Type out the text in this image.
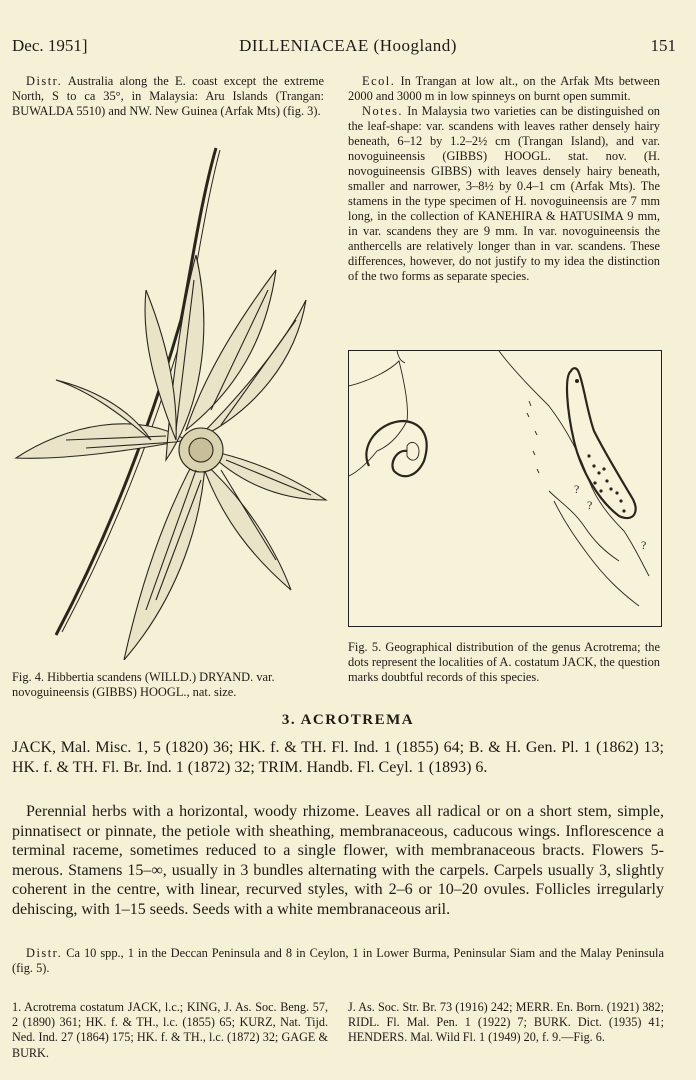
Dec. 1951]	DILLENIACEAE (Hoogland)	151

Distr. Australia along the E. coast except the extreme North, S to ca 35°, in Malaysia: Aru Islands (Trangan: BUWALDA 5510) and NW. New Guinea (Arfak Mts) (fig. 3).

Ecol. In Trangan at low alt., on the Arfak Mts between 2000 and 3000 m in low spinneys on burnt open summit.

Notes. In Malaysia two varieties can be distinguished on the leaf-shape: var. scandens with leaves rather densely hairy beneath, 6–12 by 1.2–2½ cm (Trangan Island), and var. novoguineensis (GIBBS) HOOGL. stat. nov. (H. novoguineensis GIBBS) with leaves densely hairy beneath, smaller and narrower, 3–8½ by 0.4–1 cm (Arfak Mts). The stamens in the type specimen of H. novoguineensis are 7 mm long, in the collection of KANEHIRA & HATUSIMA 9 mm, in var. scandens they are 9 mm. In var. novoguineensis the anthercells are relatively longer than in var. scandens. These differences, however, do not justify to my idea the distinction of the two forms as separate species.

?
?
?
Fig. 5. Geographical distribution of the genus Acrotrema; the dots represent the localities of A. costatum JACK, the question marks doubtful records of this species.
Fig. 4. Hibbertia scandens (WILLD.) DRYAND. var. novoguineensis (GIBBS) HOOGL., nat. size.
3. ACROTREMA

JACK, Mal. Misc. 1, 5 (1820) 36; HK. f. & TH. Fl. Ind. 1 (1855) 64; B. & H. Gen. Pl. 1 (1862) 13; HK. f. & TH. Fl. Br. Ind. 1 (1872) 32; TRIM. Handb. Fl. Ceyl. 1 (1893) 6.

Perennial herbs with a horizontal, woody rhizome. Leaves all radical or on a short stem, simple, pinnatisect or pinnate, the petiole with sheathing, membranaceous, caducous wings. Inflorescence a terminal raceme, sometimes reduced to a single flower, with membranaceous bracts. Flowers 5-merous. Stamens 15–∞, usually in 3 bundles alternating with the carpels. Carpels usually 3, slightly coherent in the centre, with linear, recurved styles, with 2–6 or 10–20 ovules. Follicles irregularly dehiscing, with 1–15 seeds. Seeds with a white membranaceous aril.

Distr. Ca 10 spp., 1 in the Deccan Peninsula and 8 in Ceylon, 1 in Lower Burma, Peninsular Siam and the Malay Peninsula (fig. 5).

1. Acrotrema costatum JACK, l.c.; KING, J. As. Soc. Beng. 57, 2 (1890) 361; HK. f. & TH., l.c. (1855) 65; KURZ, Nat. Tijd. Ned. Ind. 27 (1864) 175; HK. f. & TH., l.c. (1872) 32; GAGE & BURK.

J. As. Soc. Str. Br. 73 (1916) 242; MERR. En. Born. (1921) 382; RIDL. Fl. Mal. Pen. 1 (1922) 7; BURK. Dict. (1935) 41; HENDERS. Mal. Wild Fl. 1 (1949) 20, f. 9.—Fig. 6.
